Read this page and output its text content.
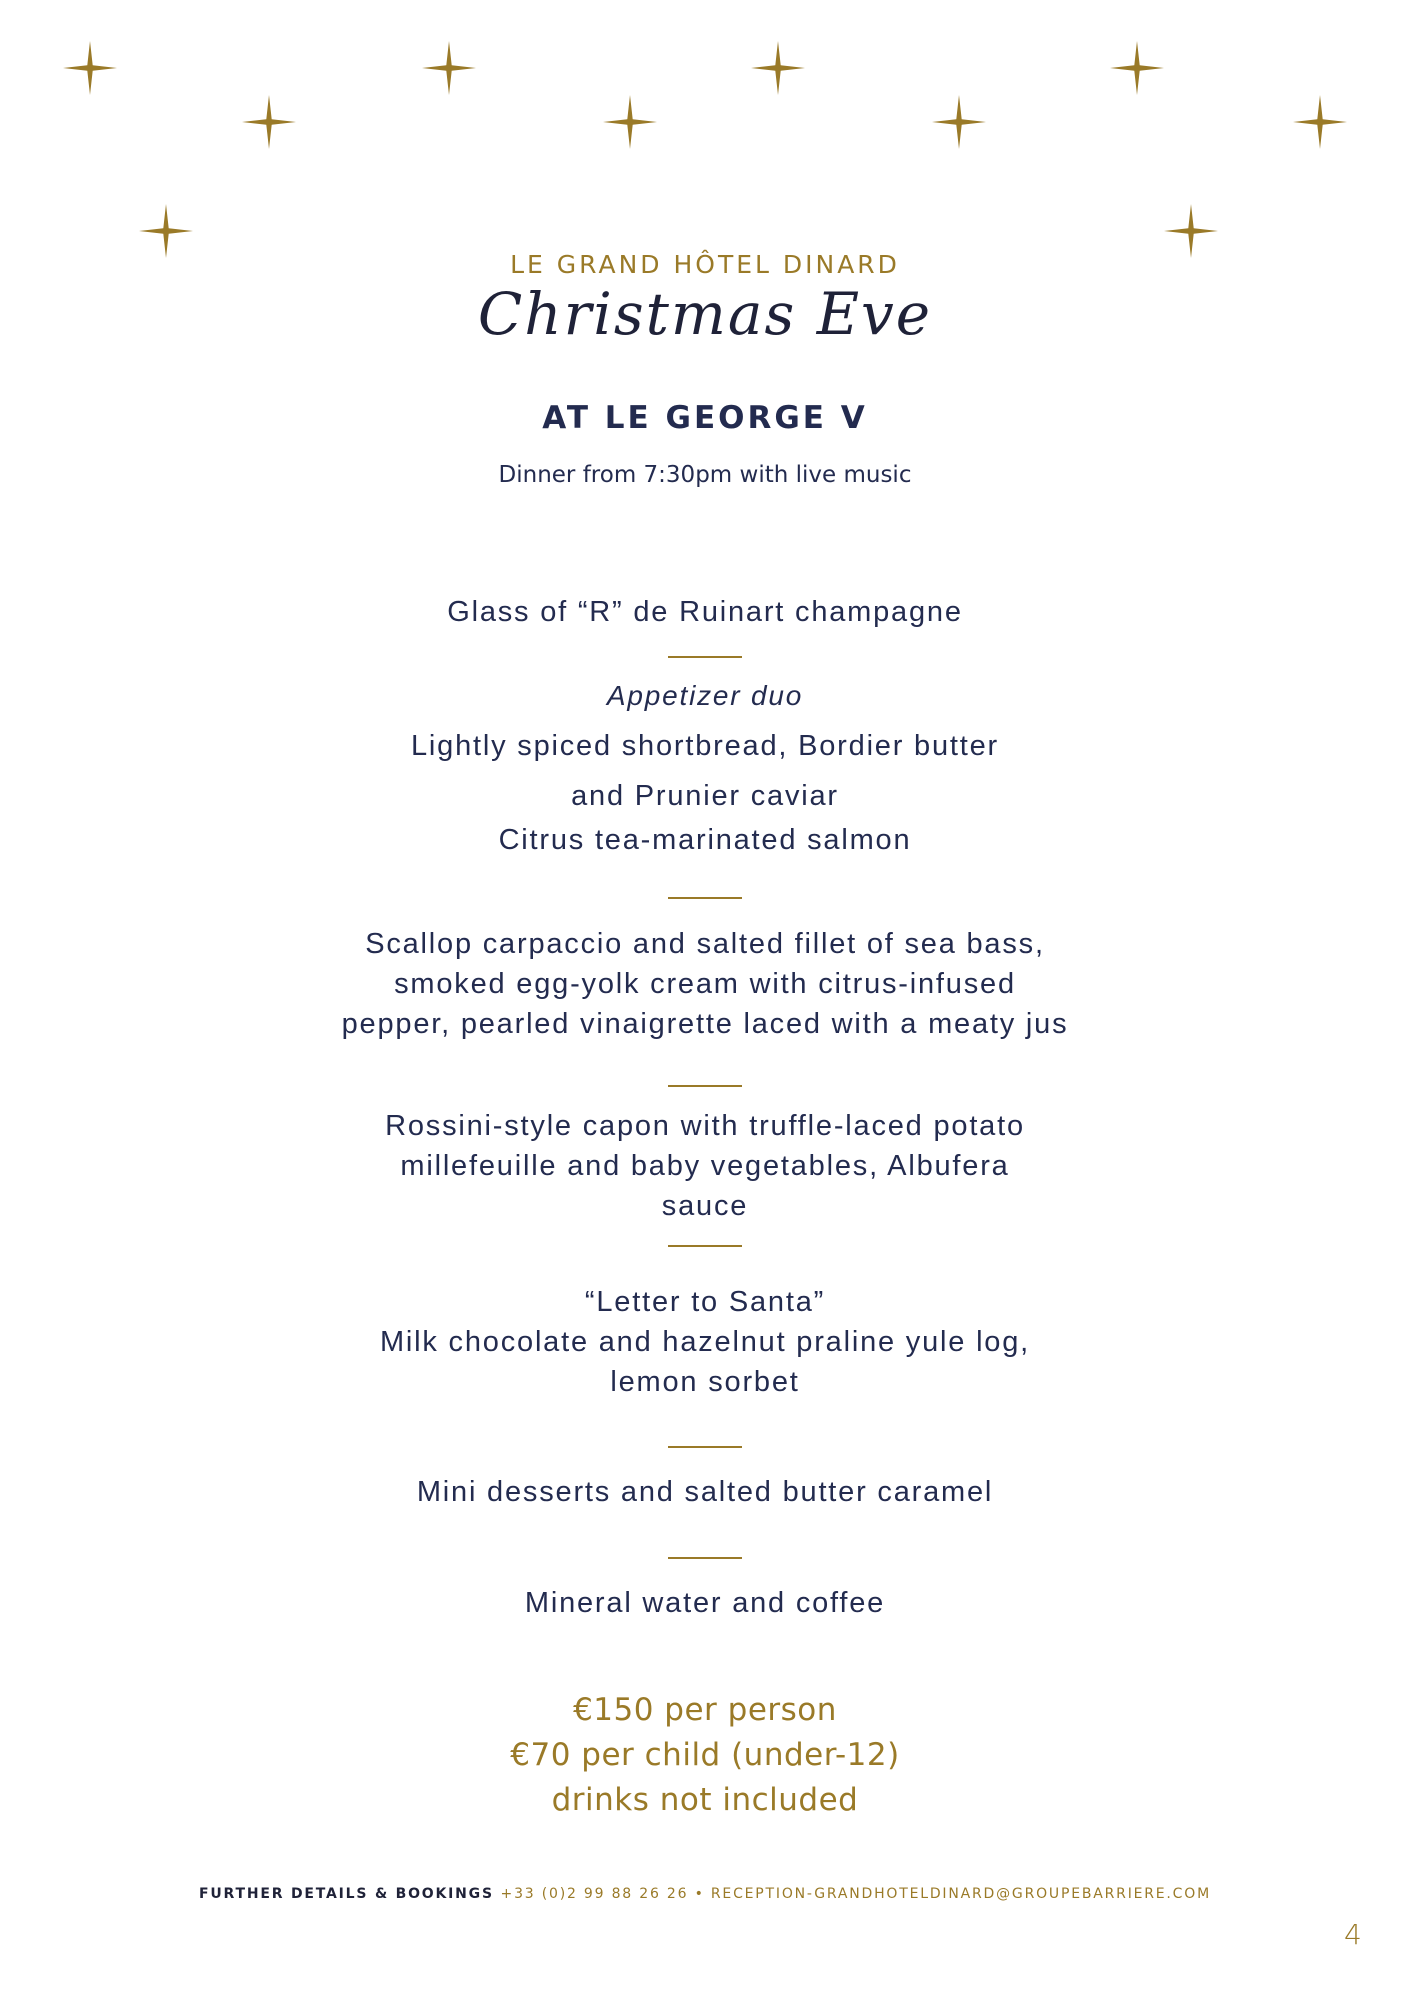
LE GRAND HÔTEL DINARD
Christmas Eve
AT LE GEORGE V
Dinner from 7:30pm with live music
Glass of “R” de Ruinart champagne
Appetizer duo
Lightly spiced shortbread, Bordier butter
and Prunier caviar
Citrus tea-marinated salmon
Scallop carpaccio and salted fillet of sea bass,
smoked egg-yolk cream with citrus-infused
pepper, pearled vinaigrette laced with a meaty jus
Rossini-style capon with truffle-laced potato
millefeuille and baby vegetables, Albufera
sauce
“Letter to Santa”
Milk chocolate and hazelnut praline yule log,
lemon sorbet
Mini desserts and salted butter caramel
Mineral water and coffee
€150 per person
€70 per child (under-12)
drinks not included
FURTHER DETAILS & BOOKINGS +33 (0)2 99 88 26 26 • RECEPTION-GRANDHOTELDINARD@GROUPEBARRIERE.COM
4
